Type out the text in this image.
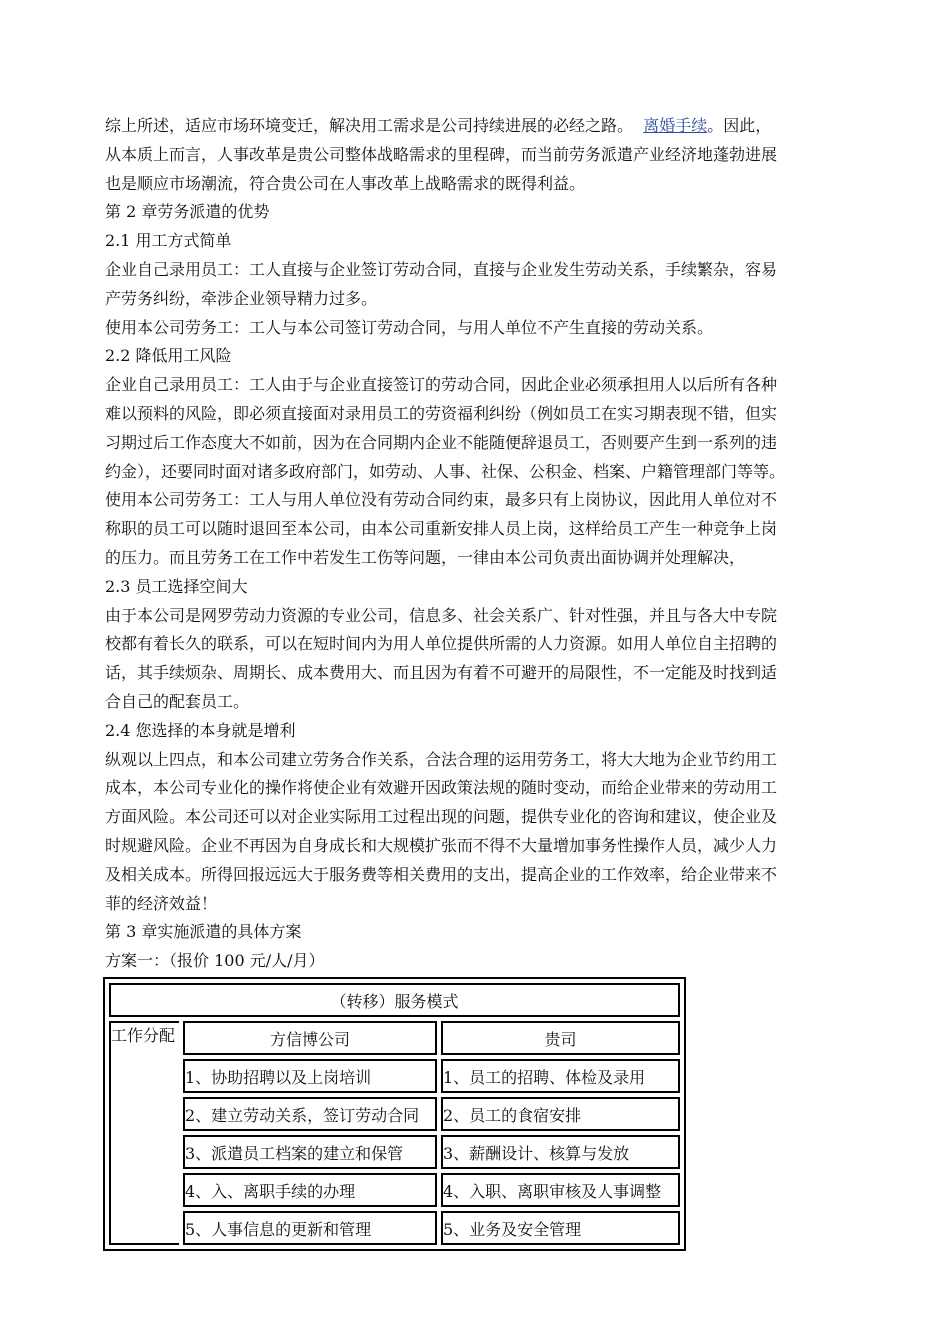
综上所述，适应市场环境变迁，解决用工需求是公司持续进展的必经之路。 离婚手续。因此，

从本质上而言，人事改革是贵公司整体战略需求的里程碑，而当前劳务派遣产业经济地蓬勃进展

也是顺应市场潮流，符合贵公司在人事改革上战略需求的既得利益。

第 2 章劳务派遣的优势

2.1 用工方式简单

企业自己录用员工：工人直接与企业签订劳动合同，直接与企业发生劳动关系，手续繁杂，容易

产劳务纠纷，牵涉企业领导精力过多。

使用本公司劳务工：工人与本公司签订劳动合同，与用人单位不产生直接的劳动关系。

2.2 降低用工风险

企业自己录用员工：工人由于与企业直接签订的劳动合同，因此企业必须承担用人以后所有各种

难以预料的风险，即必须直接面对录用员工的劳资福利纠纷（例如员工在实习期表现不错，但实

习期过后工作态度大不如前，因为在合同期内企业不能随便辞退员工，否则要产生到一系列的违

约金），还要同时面对诸多政府部门，如劳动、人事、社保、公积金、档案、户籍管理部门等等。

使用本公司劳务工：工人与用人单位没有劳动合同约束，最多只有上岗协议，因此用人单位对不

称职的员工可以随时退回至本公司，由本公司重新安排人员上岗，这样给员工产生一种竞争上岗

的压力。而且劳务工在工作中若发生工伤等问题，一律由本公司负责出面协调并处理解决，

2.3 员工选择空间大

由于本公司是网罗劳动力资源的专业公司，信息多、社会关系广、针对性强，并且与各大中专院

校都有着长久的联系，可以在短时间内为用人单位提供所需的人力资源。如用人单位自主招聘的

话，其手续烦杂、周期长、成本费用大、而且因为有着不可避开的局限性，不一定能及时找到适

合自己的配套员工。

2.4 您选择的本身就是增利

纵观以上四点，和本公司建立劳务合作关系，合法合理的运用劳务工，将大大地为企业节约用工

成本，本公司专业化的操作将使企业有效避开因政策法规的随时变动，而给企业带来的劳动用工

方面风险。本公司还可以对企业实际用工过程出现的问题，提供专业化的咨询和建议，使企业及

时规避风险。企业不再因为自身成长和大规模扩张而不得不大量增加事务性操作人员，减少人力

及相关成本。所得回报远远大于服务费等相关费用的支出，提高企业的工作效率，给企业带来不

菲的经济效益！

第 3 章实施派遣的具体方案

方案一：（报价 100 元/人/月）

（转移）服务模式		
工作分配	方信博公司	贵司
	1、协助招聘以及上岗培训	1、员工的招聘、体检及录用
	2、建立劳动关系，签订劳动合同	2、员工的食宿安排
	3、派遣员工档案的建立和保管	3、薪酬设计、核算与发放
	4、入、离职手续的办理	4、入职、离职审核及人事调整
	5、人事信息的更新和管理	5、业务及安全管理
